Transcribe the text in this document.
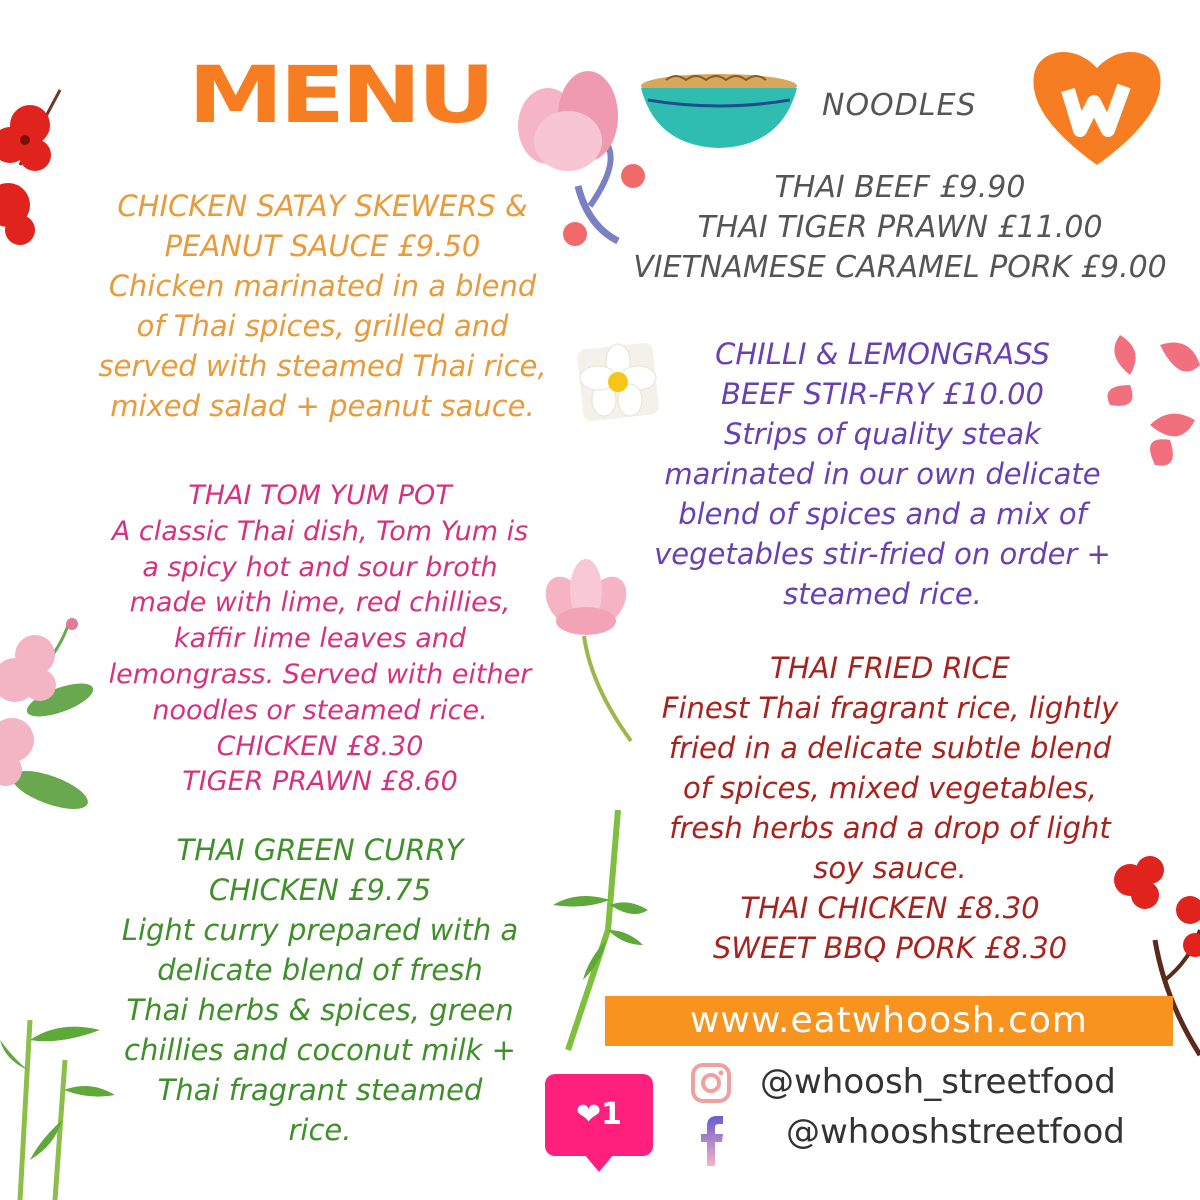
MENU	NOODLES
THAI BEEF £9.90
THAI TIGER PRAWN £11.00
VIETNAMESE CARAMEL PORK £9.00
CHICKEN SATAY SKEWERS &
PEANUT SAUCE £9.50
Chicken marinated in a blend
of Thai spices, grilled and
served with steamed Thai rice,
mixed salad + peanut sauce.
CHILLI & LEMONGRASS
BEEF STIR-FRY £10.00
Strips of quality steak
marinated in our own delicate
blend of spices and a mix of
vegetables stir-fried on order +
steamed rice.
THAI TOM YUM POT
A classic Thai dish, Tom Yum is
a spicy hot and sour broth
made with lime, red chillies,
kaffir lime leaves and
lemongrass. Served with either
noodles or steamed rice.
CHICKEN £8.30
TIGER PRAWN £8.60
THAI FRIED RICE
Finest Thai fragrant rice, lightly
fried in a delicate subtle blend
of spices, mixed vegetables,
fresh herbs and a drop of light
soy sauce.
THAI CHICKEN £8.30
SWEET BBQ PORK £8.30
THAI GREEN CURRY
CHICKEN £9.75
Light curry prepared with a
delicate blend of fresh
Thai herbs & spices, green
chillies and coconut milk +
Thai fragrant steamed
rice.
www.eatwhoosh.com
@whoosh_streetfood
@whooshstreetfood
❤1
